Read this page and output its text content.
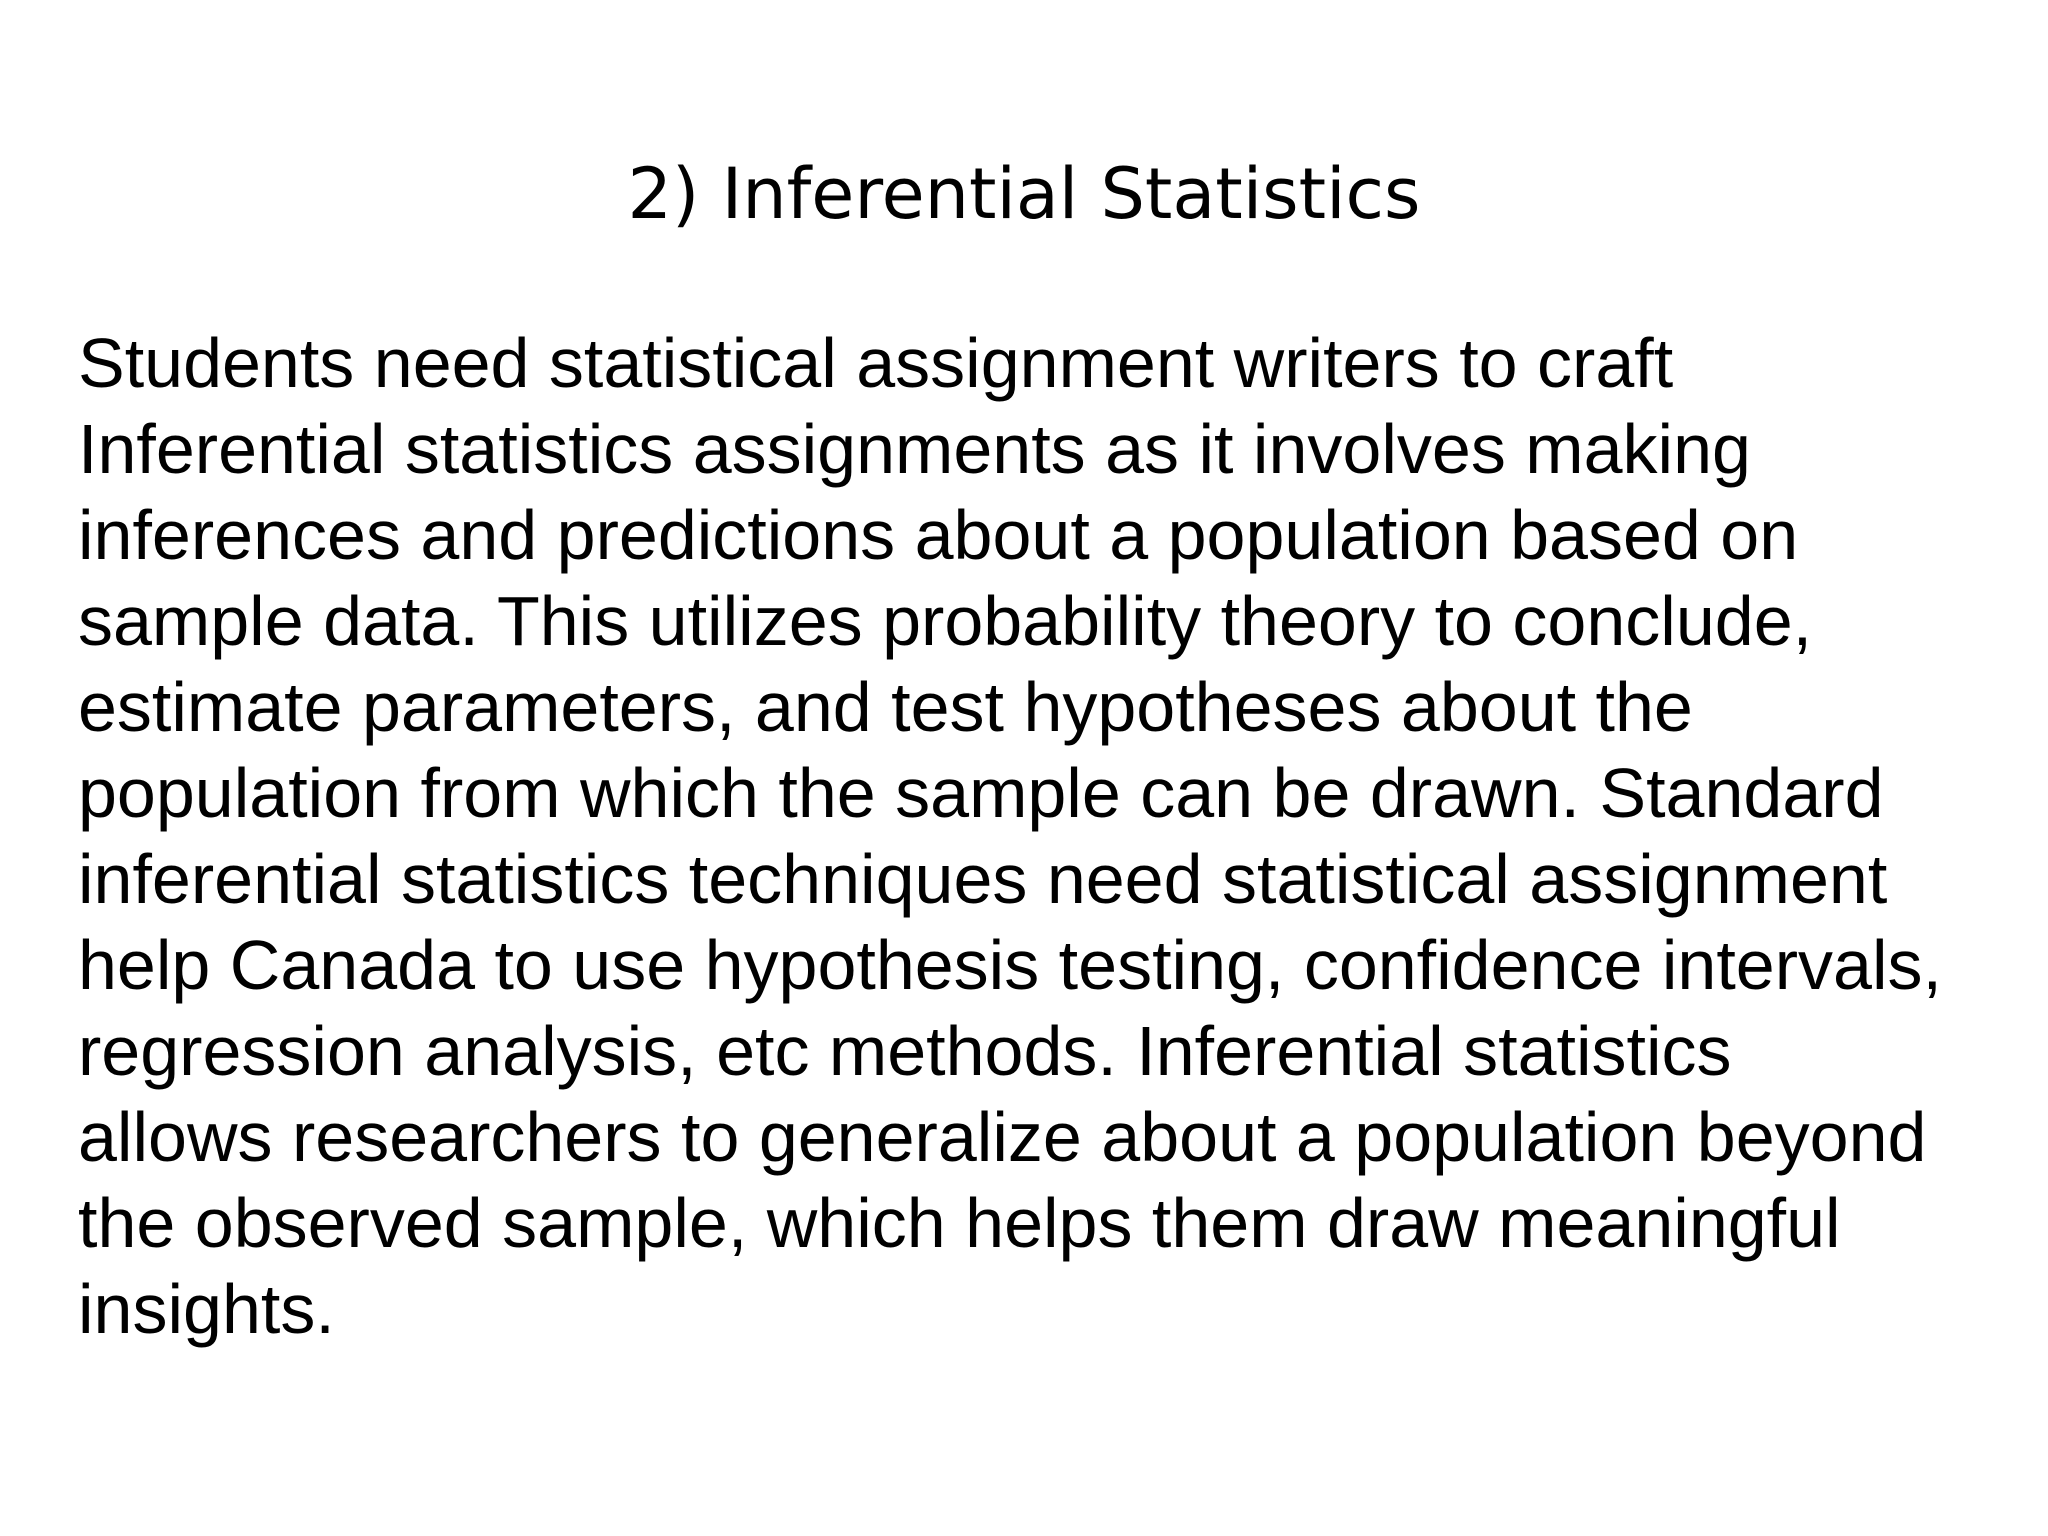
2) Inferential Statistics
Students need statistical assignment writers to craft
Inferential statistics assignments as it involves making
inferences and predictions about a population based on
sample data. This utilizes probability theory to conclude,
estimate parameters, and test hypotheses about the
population from which the sample can be drawn. Standard
inferential statistics techniques need statistical assignment
help Canada to use hypothesis testing, confidence intervals,
regression analysis, etc methods. Inferential statistics
allows researchers to generalize about a population beyond
the observed sample, which helps them draw meaningful
insights.
